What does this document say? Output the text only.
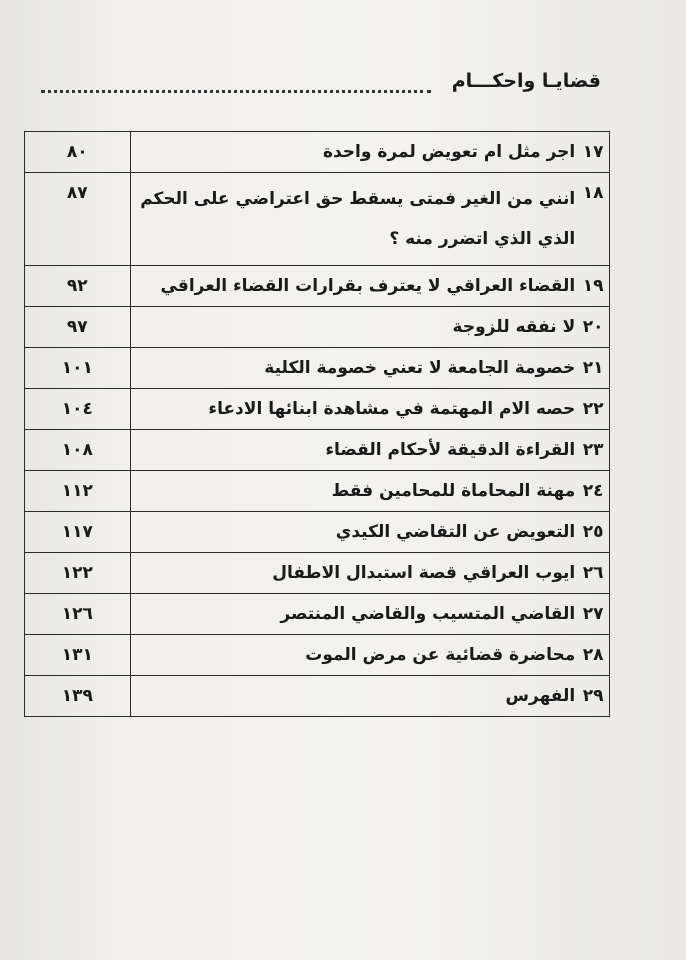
قضايـا واحكـــام
١٧	اجر مثل ام تعويض لمرة واحدة	٨٠
١٨	انني من الغير فمتى يسقط حق اعتراضي على الحكم الذي الذي اتضرر منه ؟	٨٧
١٩	القضاء العراقي لا يعترف بقرارات القضاء العراقي	٩٢
٢٠	لا نفقه للزوجة	٩٧
٢١	خصومة الجامعة لا تعني خصومة الكلية	١٠١
٢٢	حصه الام المهتمة في مشاهدة ابنائها الادعاء	١٠٤
٢٣	القراءة الدقيقة لأحكام القضاء	١٠٨
٢٤	مهنة المحاماة للمحامين فقط	١١٢
٢٥	التعويض عن التقاضي الكيدي	١١٧
٢٦	ايوب العراقي قصة استبدال الاطفال	١٢٢
٢٧	القاضي المتسيب والقاضي المنتصر	١٢٦
٢٨	محاضرة قضائية عن مرض الموت	١٣١
٢٩	الفهرس	١٣٩
